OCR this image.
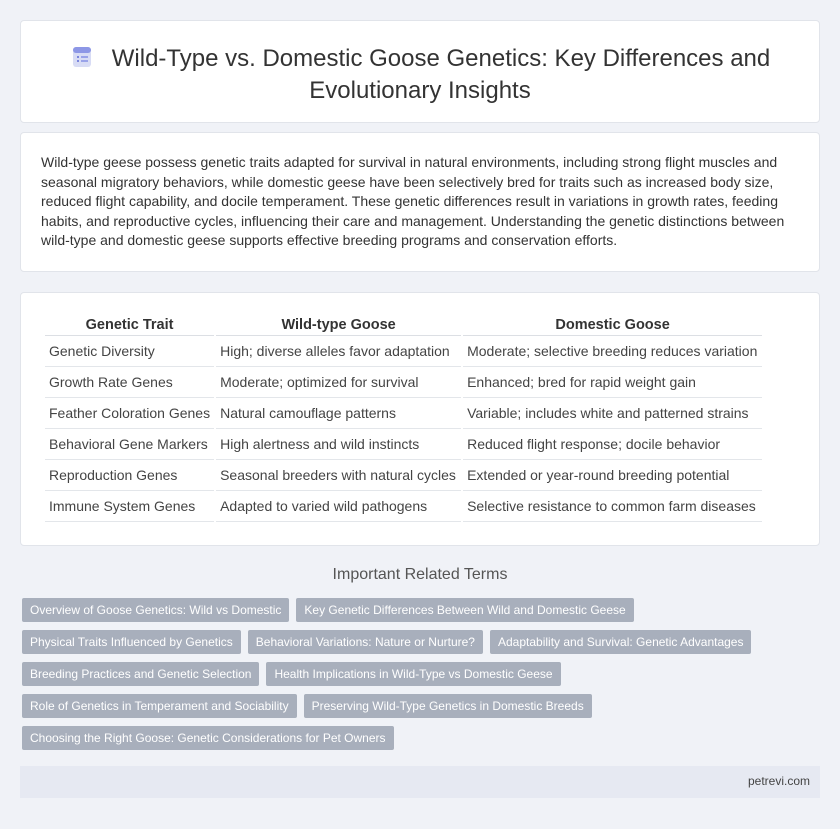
Wild-Type vs. Domestic Goose Genetics: Key Differences and
Evolutionary Insights

Wild-type geese possess genetic traits adapted for survival in natural environments, including strong flight muscles and seasonal migratory behaviors, while domestic geese have been selectively bred for traits such as increased body size, reduced flight capability, and docile temperament. These genetic differences result in variations in growth rates, feeding habits, and reproductive cycles, influencing their care and management. Understanding the genetic distinctions between wild-type and domestic geese supports effective breeding programs and conservation efforts.

Genetic Trait	Wild-type Goose	Domestic Goose
Genetic Diversity	High; diverse alleles favor adaptation	Moderate; selective breeding reduces variation
Growth Rate Genes	Moderate; optimized for survival	Enhanced; bred for rapid weight gain
Feather Coloration Genes	Natural camouflage patterns	Variable; includes white and patterned strains
Behavioral Gene Markers	High alertness and wild instincts	Reduced flight response; docile behavior
Reproduction Genes	Seasonal breeders with natural cycles	Extended or year-round breeding potential
Immune System Genes	Adapted to varied wild pathogens	Selective resistance to common farm diseases
Important Related Terms
Overview of Goose Genetics: Wild vs Domestic	Key Genetic Differences Between Wild and Domestic Geese
Physical Traits Influenced by Genetics	Behavioral Variations: Nature or Nurture?	Adaptability and Survival: Genetic Advantages
Breeding Practices and Genetic Selection	Health Implications in Wild-Type vs Domestic Geese
Role of Genetics in Temperament and Sociability	Preserving Wild-Type Genetics in Domestic Breeds
Choosing the Right Goose: Genetic Considerations for Pet Owners
petrevi.com
